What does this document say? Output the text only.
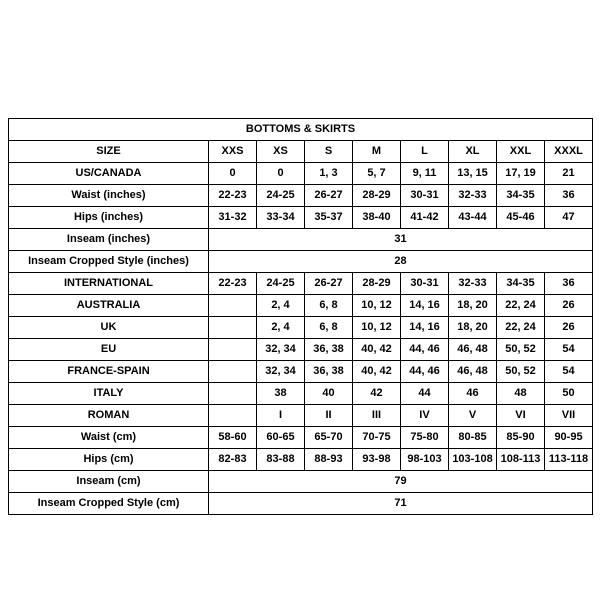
BOTTOMS & SKIRTS								
SIZE	XXS	XS	S	M	L	XL	XXL	XXXL
US/CANADA	0	0	1, 3	5, 7	9, 11	13, 15	17, 19	21
Waist (inches)	22-23	24-25	26-27	28-29	30-31	32-33	34-35	36
Hips (inches)	31-32	33-34	35-37	38-40	41-42	43-44	45-46	47
Inseam (inches)	31							
Inseam Cropped Style (inches)	28							
INTERNATIONAL	22-23	24-25	26-27	28-29	30-31	32-33	34-35	36
AUSTRALIA		2, 4	6, 8	10, 12	14, 16	18, 20	22, 24	26
UK		2, 4	6, 8	10, 12	14, 16	18, 20	22, 24	26
EU		32, 34	36, 38	40, 42	44, 46	46, 48	50, 52	54
FRANCE-SPAIN		32, 34	36, 38	40, 42	44, 46	46, 48	50, 52	54
ITALY		38	40	42	44	46	48	50
ROMAN		I	II	III	IV	V	VI	VII
Waist (cm)	58-60	60-65	65-70	70-75	75-80	80-85	85-90	90-95
Hips (cm)	82-83	83-88	88-93	93-98	98-103	103-108	108-113	113-118
Inseam (cm)	79							
Inseam Cropped Style (cm)	71							
